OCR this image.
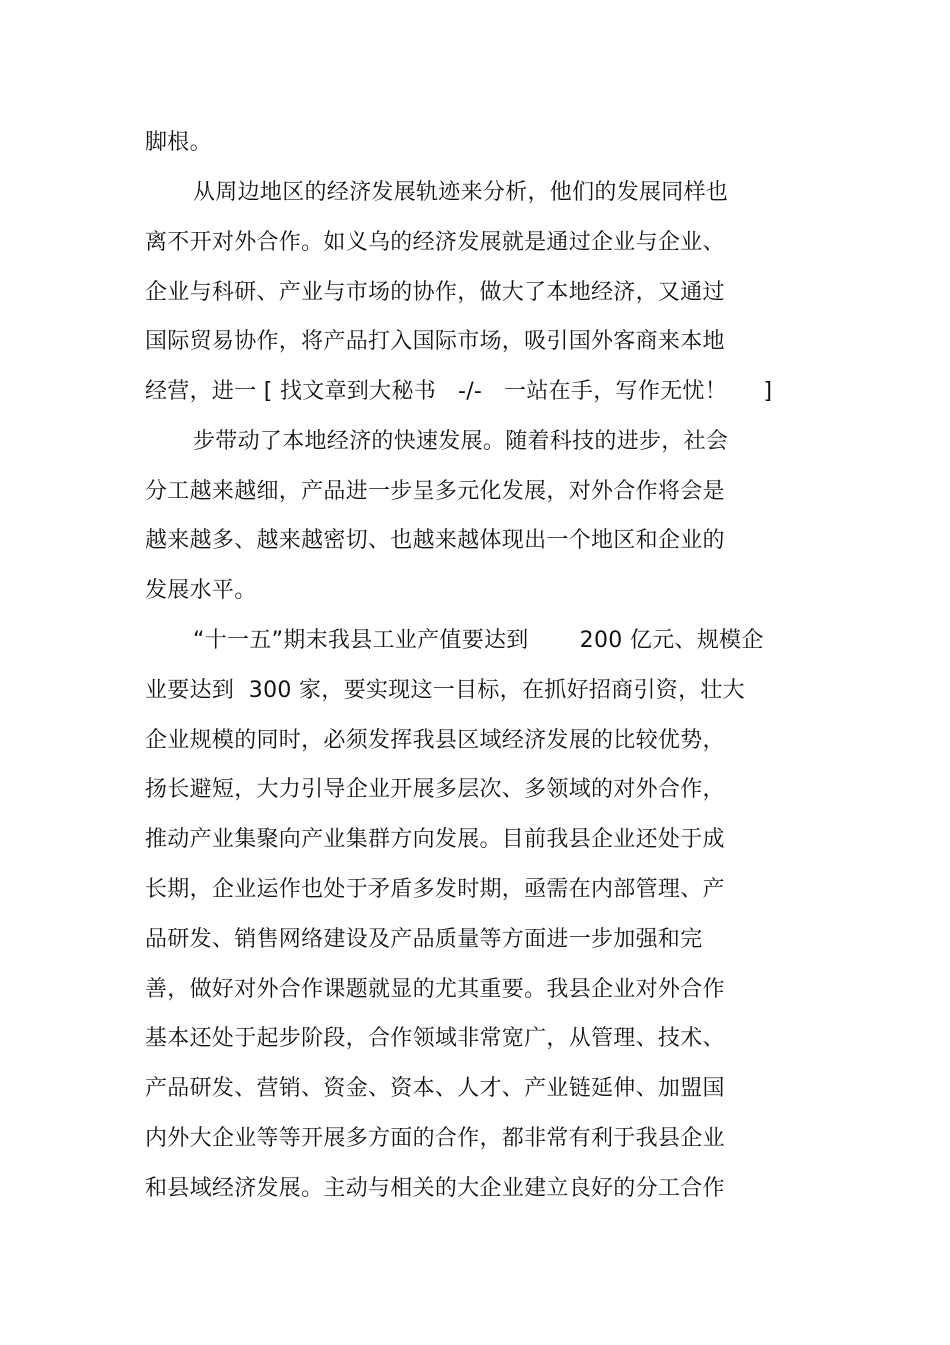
脚根。
从周边地区的经济发展轨迹来分析，他们的发展同样也
离不开对外合作。如义乌的经济发展就是通过企业与企业、
企业与科研、产业与市场的协作，做大了本地经济，又通过
国际贸易协作，将产品打入国际市场，吸引国外客商来本地
经营，进一 [ 找文章到大秘书   -/-   一站在手，写作无忧！     ]
步带动了本地经济的快速发展。随着科技的进步，社会
分工越来越细，产品进一步呈多元化发展，对外合作将会是
越来越多、越来越密切、也越来越体现出一个地区和企业的
发展水平。
“十一五”期末我县工业产值要达到       200 亿元、规模企
业要达到  300 家，要实现这一目标，在抓好招商引资，壮大
企业规模的同时，必须发挥我县区域经济发展的比较优势，
扬长避短，大力引导企业开展多层次、多领域的对外合作，
推动产业集聚向产业集群方向发展。目前我县企业还处于成
长期，企业运作也处于矛盾多发时期，亟需在内部管理、产
品研发、销售网络建设及产品质量等方面进一步加强和完
善，做好对外合作课题就显的尤其重要。我县企业对外合作
基本还处于起步阶段，合作领域非常宽广，从管理、技术、
产品研发、营销、资金、资本、人才、产业链延伸、加盟国
内外大企业等等开展多方面的合作，都非常有利于我县企业
和县域经济发展。主动与相关的大企业建立良好的分工合作
